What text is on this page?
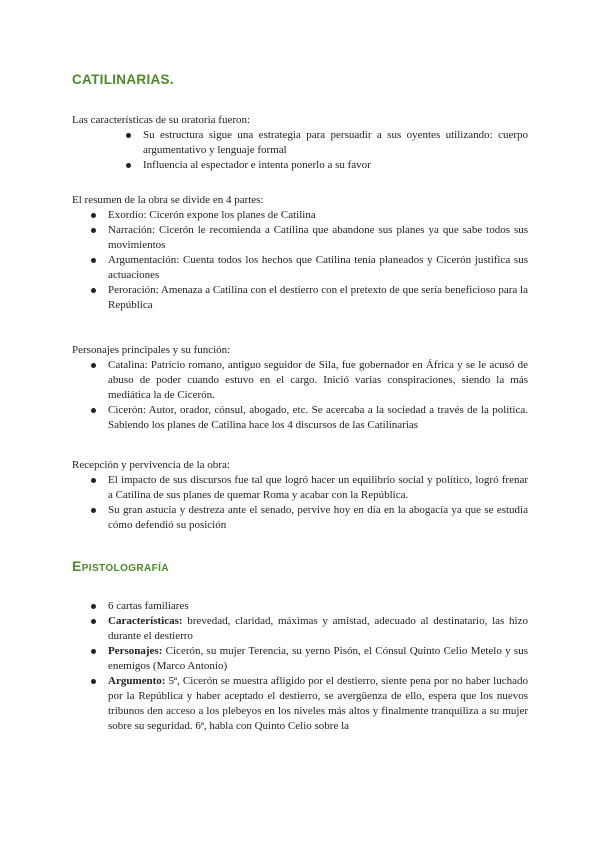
CATILINARIAS.

Las características de su oratoria fueron:

Su estructura sigue una estrategia para persuadir a sus oyentes utilizando: cuerpo argumentativo y lenguaje formal
Influencia al espectador e intenta ponerlo a su favor

El resumen de la obra se divide en 4 partes:

Exordio: Cicerón expone los planes de Catilina
Narración: Cicerón le recomienda a Catilina que abandone sus planes ya que sabe todos sus movimientos
Argumentación: Cuenta todos los hechos que Catilina tenía planeados y Cicerón justifica sus actuaciones
Peroración: Amenaza a Catilina con el destierro con el pretexto de que sería beneficioso para la República

Personajes principales y su función:

Catalina: Patricio romano, antiguo seguidor de Sila, fue gobernador en África y se le acusó de abuso de poder cuando estuvo en el cargo. Inició varias conspiraciones, siendo la más mediática la de Cicerón.
Cicerón: Autor, orador, cónsul, abogado, etc. Se acercaba a la sociedad a través de la política. Sabiendo los planes de Catilina hace los 4 discursos de las Catilinarias

Recepción y pervivencia de la obra:

El impacto de sus discursos fue tal que logró hacer un equilibrio social y político, logró frenar a Catilina de sus planes de quemar Roma y acabar con la República.
Su gran astucia y destreza ante el senado, pervive hoy en día en la abogacía ya que se estudia cómo defendió su posición
Epistolografía
6 cartas familiares
Características: brevedad, claridad, máximas y amistad, adecuado al destinatario, las hizo durante el destierro
Personajes: Cicerón, su mujer Terencia, su yerno Pisón, el Cónsul Quinto Celio Metelo y sus enemigos (Marco Antonio)
Argumento: 5ª, Cicerón se muestra afligido por el destierro, siente pena por no haber luchado por la República y haber aceptado el destierro, se avergüenza de ello, espera que los nuevos tribunos den acceso a los plebeyos en los niveles más altos y finalmente tranquiliza a su mujer sobre su seguridad. 6ª, habla con Quinto Celio sobre la
